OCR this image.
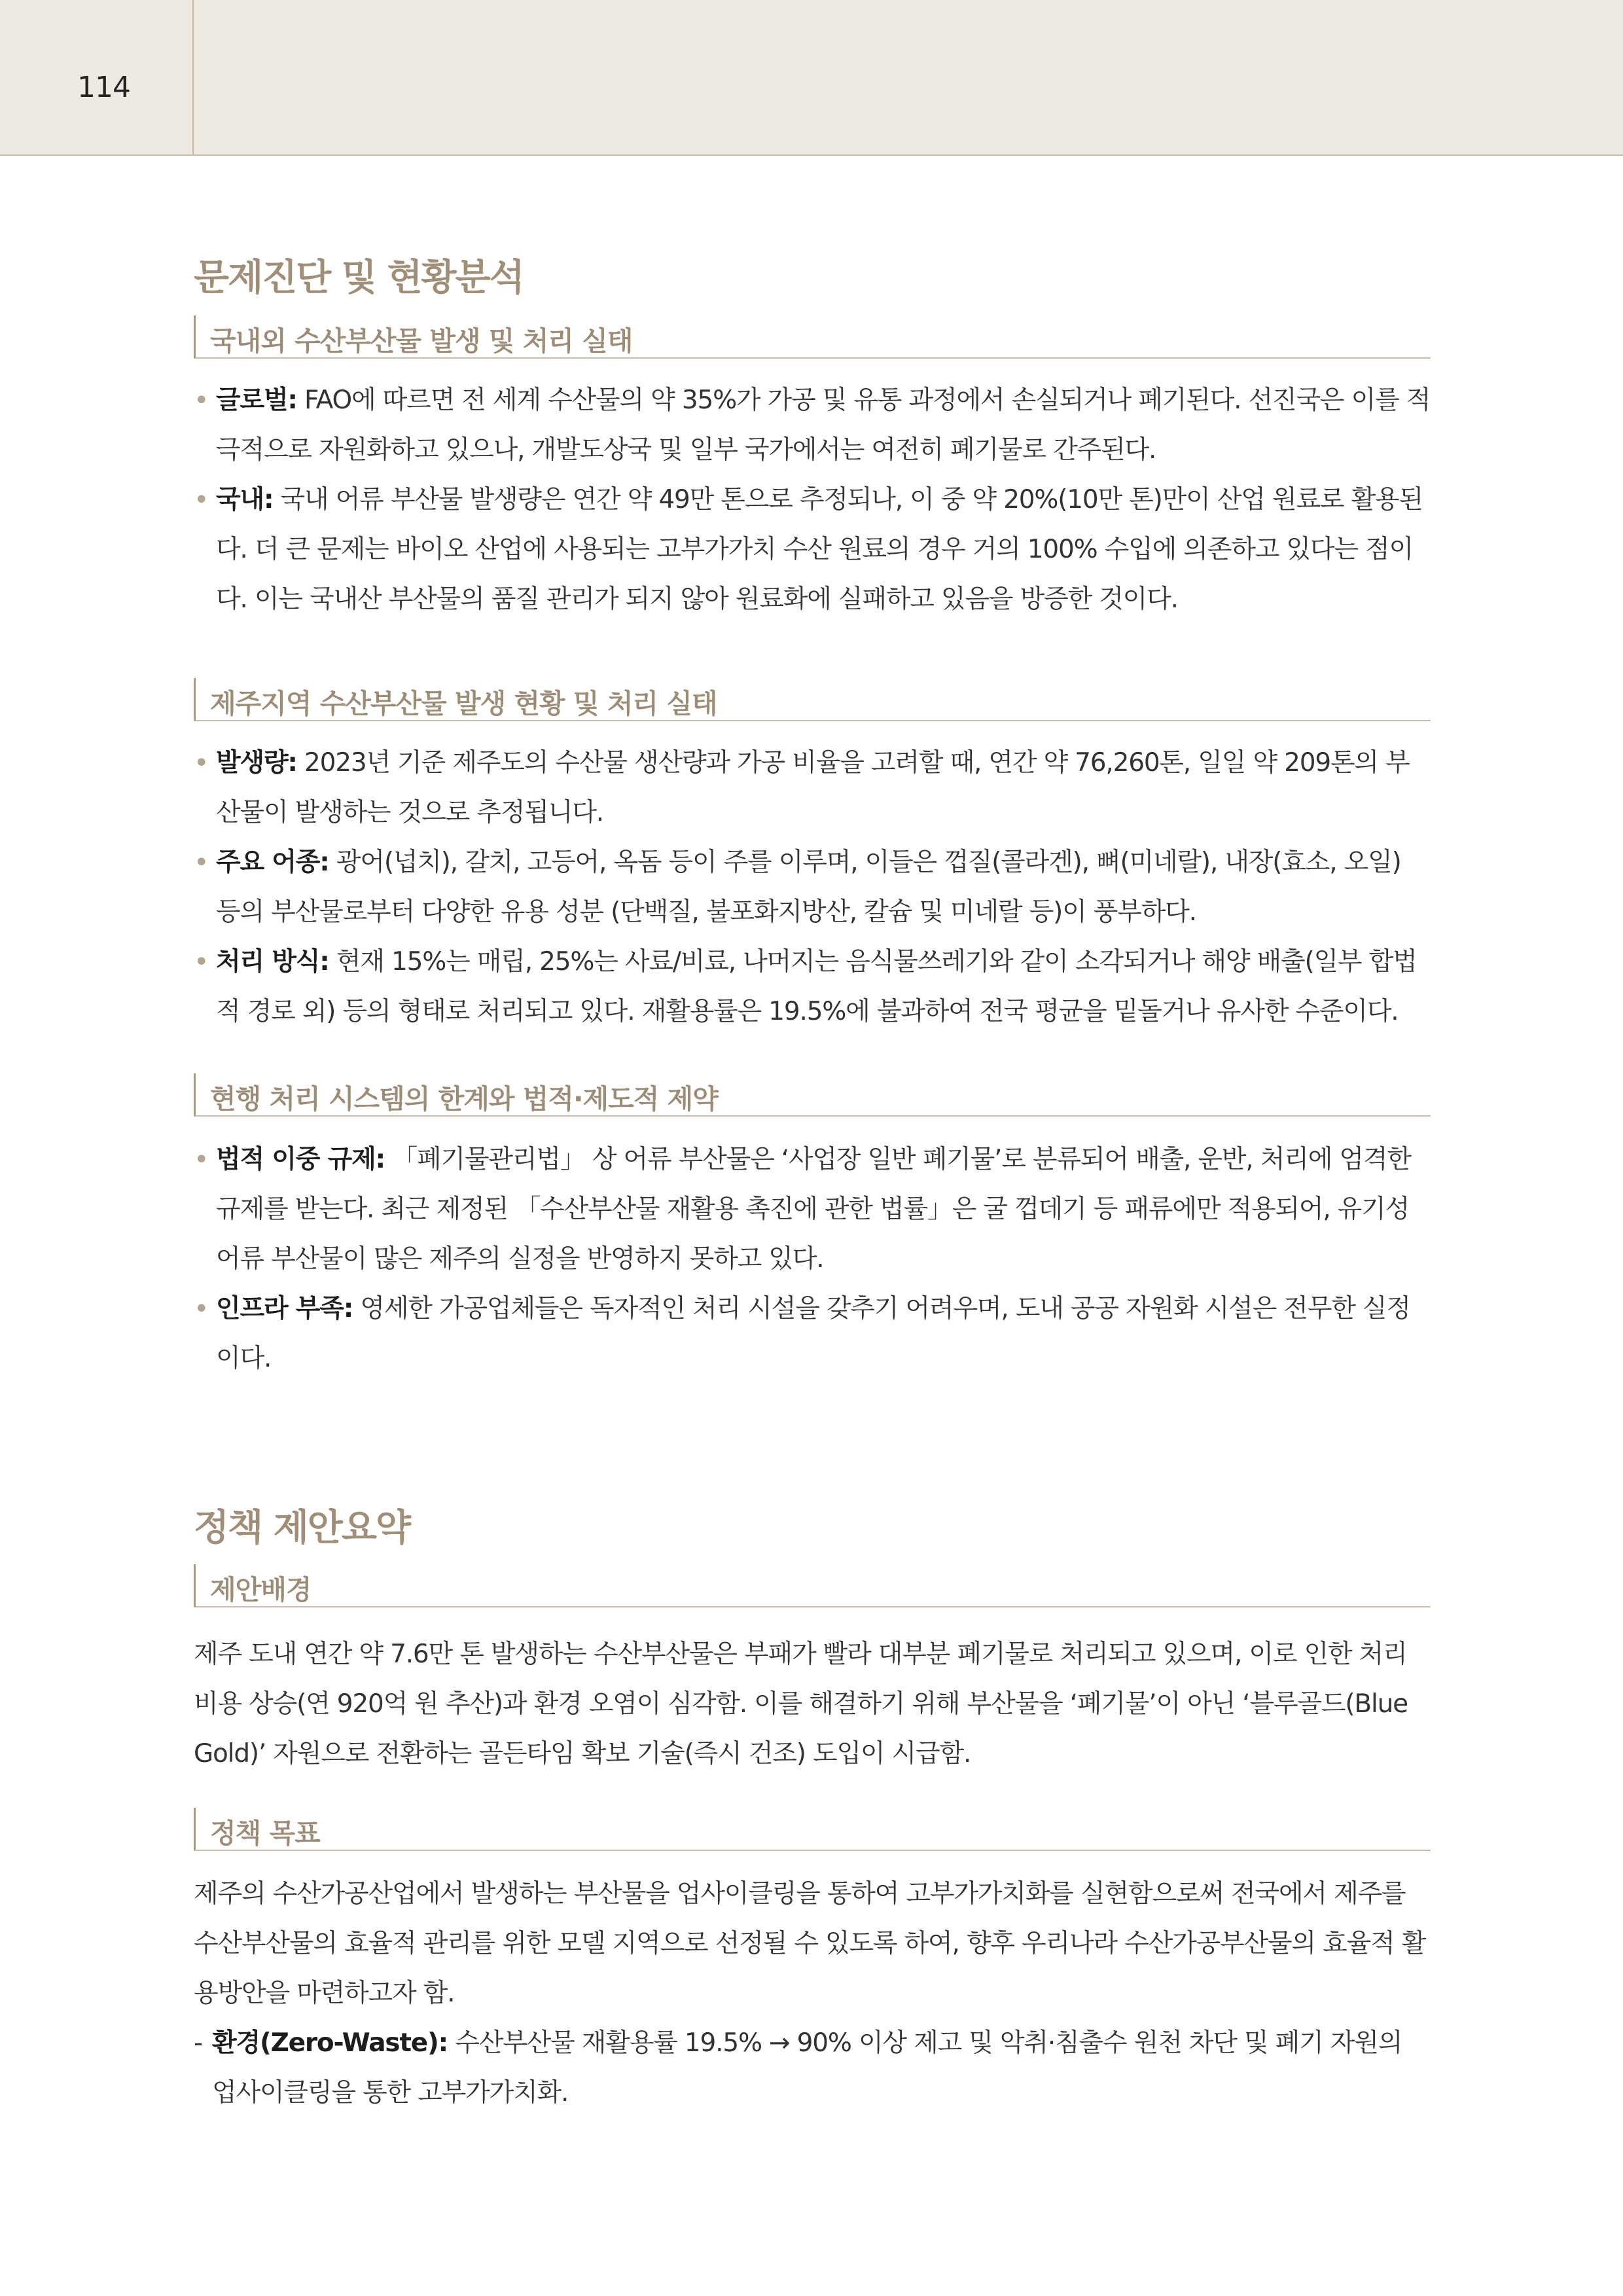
114
문제진단 및 현황분석
국내외 수산부산물 발생 및 처리 실태
• 글로벌: FAO에 따르면 전 세계 수산물의 약 35%가 가공 및 유통 과정에서 손실되거나 폐기된다. 선진국은 이를 적극적으로 자원화하고 있으나, 개발도상국 및 일부 국가에서는 여전히 폐기물로 간주된다.
• 국내: 국내 어류 부산물 발생량은 연간 약 49만 톤으로 추정되나, 이 중 약 20%(10만 톤)만이 산업 원료로 활용된다. 더 큰 문제는 바이오 산업에 사용되는 고부가가치 수산 원료의 경우 거의 100% 수입에 의존하고 있다는 점이다. 이는 국내산 부산물의 품질 관리가 되지 않아 원료화에 실패하고 있음을 방증한 것이다.
제주지역 수산부산물 발생 현황 및 처리 실태
• 발생량: 2023년 기준 제주도의 수산물 생산량과 가공 비율을 고려할 때, 연간 약 76,260톤, 일일 약 209톤의 부산물이 발생하는 것으로 추정됩니다.
• 주요 어종: 광어(넙치), 갈치, 고등어, 옥돔 등이 주를 이루며, 이들은 껍질(콜라겐), 뼈(미네랄), 내장(효소, 오일) 등의 부산물로부터 다양한 유용 성분 (단백질, 불포화지방산, 칼슘 및 미네랄 등)이 풍부하다.
• 처리 방식: 현재 15%는 매립, 25%는 사료/비료, 나머지는 음식물쓰레기와 같이 소각되거나 해양 배출(일부 합법적 경로 외) 등의 형태로 처리되고 있다. 재활용률은 19.5%에 불과하여 전국 평균을 밑돌거나 유사한 수준이다.
현행 처리 시스템의 한계와 법적·제도적 제약
• 법적 이중 규제: 「폐기물관리법」 상 어류 부산물은 ‘사업장 일반 폐기물’로 분류되어 배출, 운반, 처리에 엄격한 규제를 받는다. 최근 제정된 「수산부산물 재활용 촉진에 관한 법률」은 굴 껍데기 등 패류에만 적용되어, 유기성 어류 부산물이 많은 제주의 실정을 반영하지 못하고 있다.
• 인프라 부족: 영세한 가공업체들은 독자적인 처리 시설을 갖추기 어려우며, 도내 공공 자원화 시설은 전무한 실정이다.
정책 제안요약
제안배경

제주 도내 연간 약 7.6만 톤 발생하는 수산부산물은 부패가 빨라 대부분 폐기물로 처리되고 있으며, 이로 인한 처리 비용 상승(연 920억 원 추산)과 환경 오염이 심각함. 이를 해결하기 위해 부산물을 ‘폐기물’이 아닌 ‘블루골드(Blue Gold)’ 자원으로 전환하는 골든타임 확보 기술(즉시 건조) 도입이 시급함.

정책 목표

제주의 수산가공산업에서 발생하는 부산물을 업사이클링을 통하여 고부가가치화를 실현함으로써 전국에서 제주를 수산부산물의 효율적 관리를 위한 모델 지역으로 선정될 수 있도록 하여, 향후 우리나라 수산가공부산물의 효율적 활용방안을 마련하고자 함.

- 환경(Zero-Waste): 수산부산물 재활용률 19.5% → 90% 이상 제고 및 악취·침출수 원천 차단 및 폐기 자원의 업사이클링을 통한 고부가가치화.
